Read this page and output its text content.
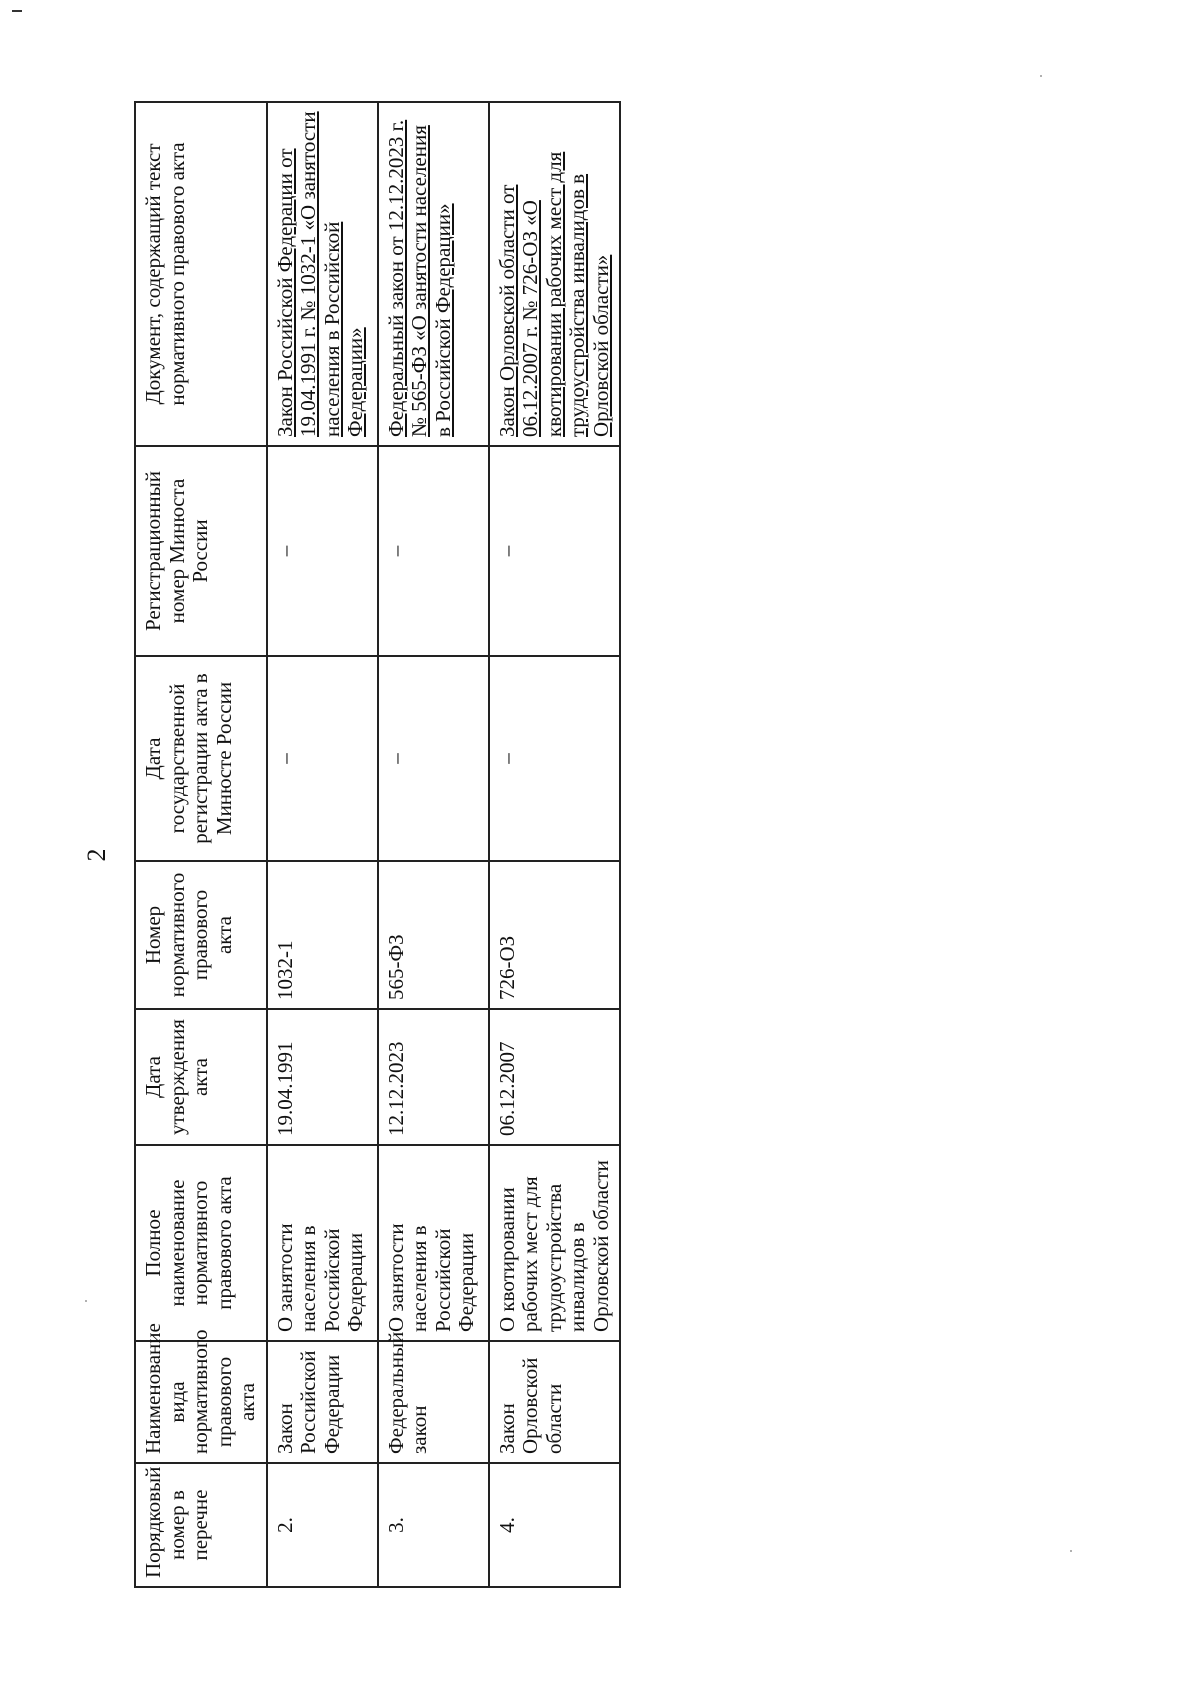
2
Порядковый номер в перечне	Наименование вида нормативного правового акта	Полное наименование нормативного правового акта	Дата утверждения акта	Номер нормативного правового акта	Дата государственной регистрации акта в Минюсте России	Регистрационный номер Минюста России	Документ, содержащий текст нормативного правового акта
2.	Закон Российской Федерации	О занятости населения в Российской Федерации	19.04.1991	1032-1	–	–	Закон Российской Федерации от 19.04.1991 г. № 1032-1 «О занятости населения в Российской Федерации»
3.	Федеральный закон	О занятости населения в Российской Федерации	12.12.2023	565-ФЗ	–	–	Федеральный закон от 12.12.2023 г. № 565-ФЗ «О занятости населения в Российской Федерации»
4.	Закон Орловской области	О квотировании рабочих мест для трудоустройства инвалидов в Орловской области	06.12.2007	726-ОЗ	–	–	Закон Орловской области от 06.12.2007 г. № 726-ОЗ «О квотировании рабочих мест для трудоустройства инвалидов в Орловской области»
